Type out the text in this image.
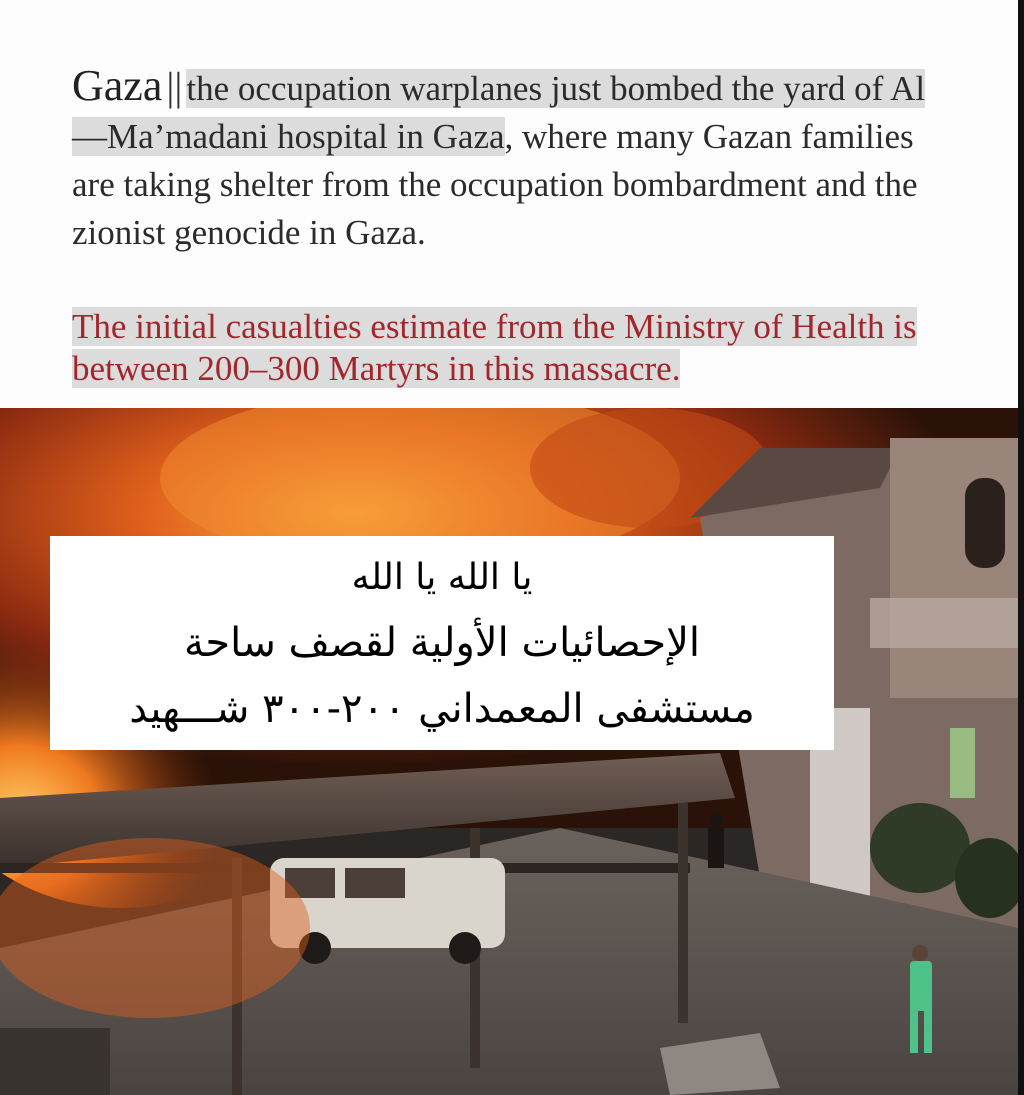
Gaza || the occupation warplanes just bombed the yard of Al—Ma’madani hospital in Gaza, where many Gazan families are taking shelter from the occupation bombardment and the zionist genocide in Gaza.
The initial casualties estimate from the Ministry of Health is between 200–300 Martyrs in this massacre.
يا الله يا الله
الإحصائيات الأولية لقصف ساحة
مستشفى المعمداني ٢٠٠-٣٠٠ شـــهيد
